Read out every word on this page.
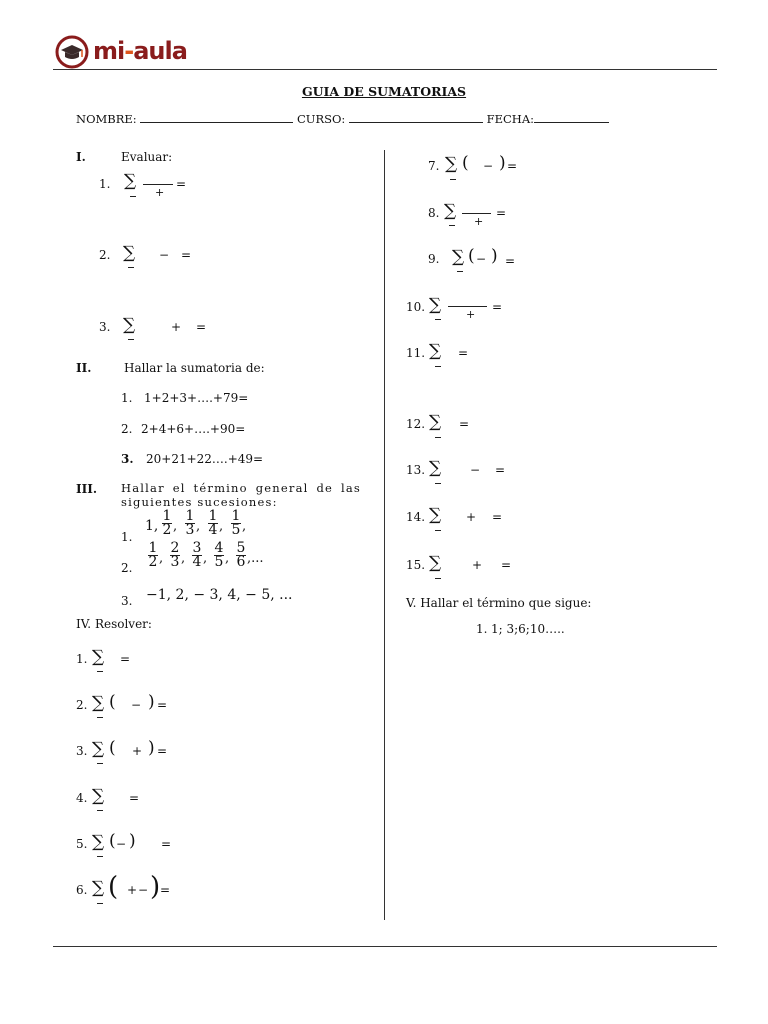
mi-aula
GUIA DE SUMATORIAS
NOMBRE:	CURSO:	FECHA:
I.	Evaluar:
1. ∑
+
=
2. ∑ − =
3. ∑	+ =
II.	Hallar la sumatoria de:
1. 1+2+3+….+79=
2. 2+4+6+….+90=
3. 20+21+22….+49=
III. Hallar el término general de las siguientes sucesiones:
1.
1, $\frac{1}{2}$ , $\frac{1}{3}$ , $\frac{1}{4}$ , $\frac{1}{5}$ ,
2. $\frac{1}{2}$ , $\frac{2}{3}$ , $\frac{3}{4}$ , $\frac{4}{5}$ , $\frac{5}{6}$ ,...
3. −1, 2, − 3, 4, − 5, ...
IV. Resolver:
1. ∑ =
2. ∑ ( − ) =
3. ∑ ( + ) =
4. ∑ =
5. ∑ ( − ) =
6. ∑ ( + − ) =
7. ∑ ( − ) =
8. ∑
+
=
9. ∑ ( − ) =
10. ∑ +
=
11. ∑ =
12. ∑ =
13. ∑ − =
14. ∑ + =
15. ∑	+ =
V. Hallar el término que sigue:
1. 1; 3;6;10…..
